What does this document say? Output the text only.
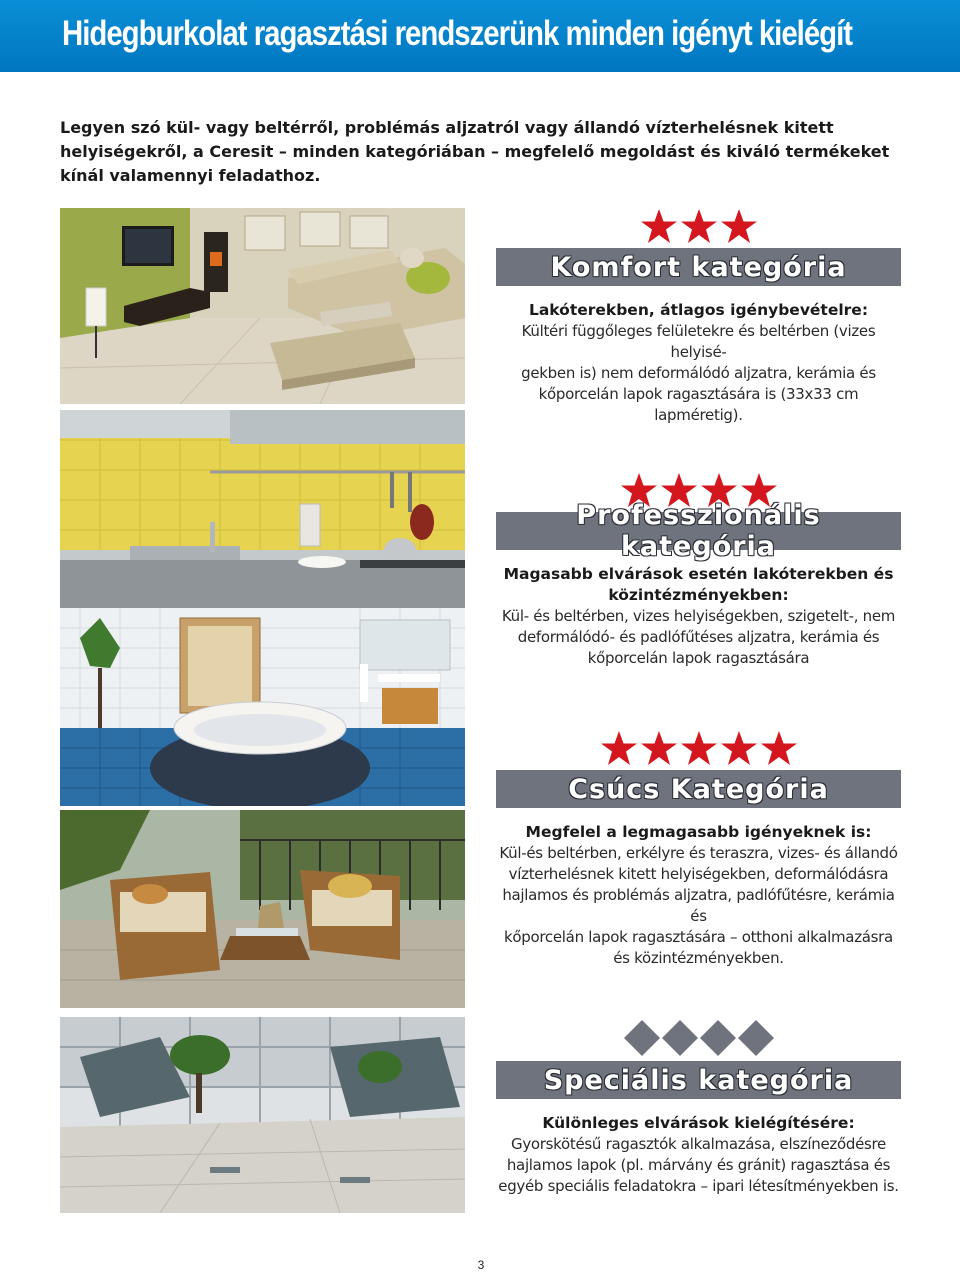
Hidegburkolat ragasztási rendszerünk minden igényt kielégít
Legyen szó kül- vagy beltérről, problémás aljzatról vagy állandó vízterhelésnek kitett helyiségekről, a Ceresit – minden kategóriában – megfelelő megoldást és kiváló termékeket kínál valamennyi feladathoz.
Komfort kategória
Lakóterekben, átlagos igénybevételre:
Kültéri függőleges felületekre és beltérben (vizes helyisé-
gekben is) nem deformálódó aljzatra, kerámia és
kőporcelán lapok ragasztására is (33x33 cm lapméretig).
Professzionális kategória
Magasabb elvárások esetén lakóterekben és
közintézményekben:
Kül- és beltérben, vizes helyiségekben, szigetelt-, nem
deformálódó- és padlófűtéses aljzatra, kerámia és
kőporcelán lapok ragasztására
Csúcs Kategória
Megfelel a legmagasabb igényeknek is:
Kül-és beltérben, erkélyre és teraszra, vizes- és állandó
vízterhelésnek kitett helyiségekben, deformálódásra
hajlamos és problémás aljzatra, padlófűtésre, kerámia és
kőporcelán lapok ragasztására – otthoni alkalmazásra
és közintézményekben.
Speciális kategória
Különleges elvárások kielégítésére:
Gyorskötésű ragasztók alkalmazása, elszíneződésre
hajlamos lapok (pl. márvány és gránit) ragasztása és
egyéb speciális feladatokra – ipari létesítményekben is.
3
